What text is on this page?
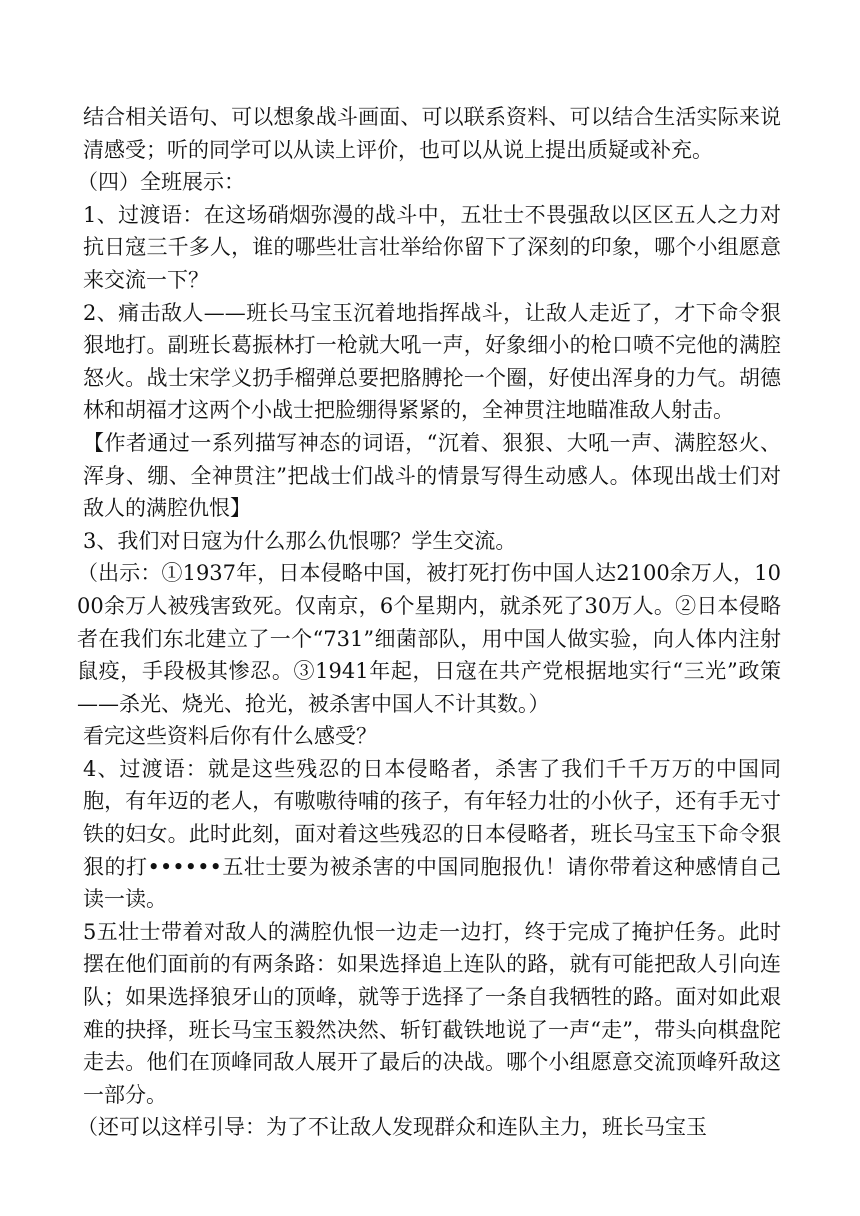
结合相关语句、可以想象战斗画面、可以联系资料、可以结合生活实际来说清感受；听的同学可以从读上评价，也可以从说上提出质疑或补充。

（四）全班展示：

1、过渡语：在这场硝烟弥漫的战斗中，五壮士不畏强敌以区区五人之力对抗日寇三千多人，谁的哪些壮言壮举给你留下了深刻的印象，哪个小组愿意来交流一下？

2、痛击敌人——班长马宝玉沉着地指挥战斗，让敌人走近了，才下命令狠狠地打。副班长葛振林打一枪就大吼一声，好象细小的枪口喷不完他的满腔怒火。战士宋学义扔手榴弹总要把胳膊抡一个圈，好使出浑身的力气。胡德林和胡福才这两个小战士把脸绷得紧紧的，全神贯注地瞄准敌人射击。

【作者通过一系列描写神态的词语，“沉着、狠狠、大吼一声、满腔怒火、浑身、绷、全神贯注”把战士们战斗的情景写得生动感人。体现出战士们对敌人的满腔仇恨】

3、我们对日寇为什么那么仇恨哪？学生交流。

（出示：①1937年，日本侵略中国，被打死打伤中国人达2100余万人，1000余万人被残害致死。仅南京，6个星期内，就杀死了30万人。②日本侵略者在我们东北建立了一个“731”细菌部队，用中国人做实验，向人体内注射鼠疫，手段极其惨忍。③1941年起，日寇在共产党根据地实行“三光”政策——杀光、烧光、抢光，被杀害中国人不计其数。）

看完这些资料后你有什么感受？

4、过渡语：就是这些残忍的日本侵略者，杀害了我们千千万万的中国同胞，有年迈的老人，有嗷嗷待哺的孩子，有年轻力壮的小伙子，还有手无寸铁的妇女。此时此刻，面对着这些残忍的日本侵略者，班长马宝玉下命令狠狠的打••••••五壮士要为被杀害的中国同胞报仇！请你带着这种感情自己读一读。

5五壮士带着对敌人的满腔仇恨一边走一边打，终于完成了掩护任务。此时摆在他们面前的有两条路：如果选择追上连队的路，就有可能把敌人引向连队；如果选择狼牙山的顶峰，就等于选择了一条自我牺牲的路。面对如此艰难的抉择，班长马宝玉毅然决然、斩钉截铁地说了一声“走”，带头向棋盘陀走去。他们在顶峰同敌人展开了最后的决战。哪个小组愿意交流顶峰歼敌这一部分。

（还可以这样引导：为了不让敌人发现群众和连队主力，班长马宝玉
